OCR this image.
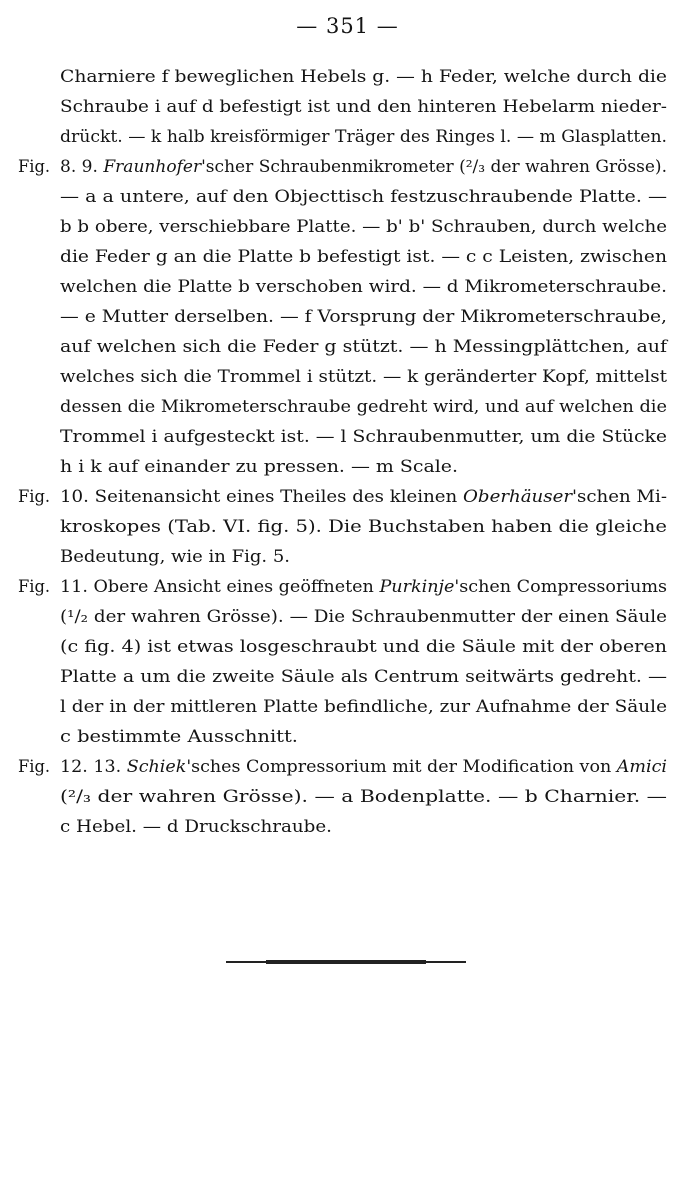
— 351 —

Charniere f beweglichen Hebels g. — h Feder, welche durch die

Schraube i auf d befestigt ist und den hinteren Hebelarm nieder-

drückt. — k halb kreisförmiger Träger des Ringes l. — m Glasplatten.

Fig. 8. 9. Fraunhofer'scher Schraubenmikrometer (²/₃ der wahren Grösse).

— a a untere, auf den Objecttisch festzuschraubende Platte. —

b b obere, verschiebbare Platte. — b' b' Schrauben, durch welche

die Feder g an die Platte b befestigt ist. — c c Leisten, zwischen

welchen die Platte b verschoben wird. — d Mikrometerschraube.

— e Mutter derselben. — f Vorsprung der Mikrometerschraube,

auf welchen sich die Feder g stützt. — h Messingplättchen, auf

welches sich die Trommel i stützt. — k geränderter Kopf, mittelst

dessen die Mikrometerschraube gedreht wird, und auf welchen die

Trommel i aufgesteckt ist. — l Schraubenmutter, um die Stücke

h i k auf einander zu pressen. — m Scale.

Fig. 10. Seitenansicht eines Theiles des kleinen Oberhäuser'schen Mi-

kroskopes (Tab. VI. fig. 5). Die Buchstaben haben die gleiche

Bedeutung, wie in Fig. 5.

Fig. 11. Obere Ansicht eines geöffneten Purkinje'schen Compressoriums

(¹/₂ der wahren Grösse). — Die Schraubenmutter der einen Säule

(c fig. 4) ist etwas losgeschraubt und die Säule mit der oberen

Platte a um die zweite Säule als Centrum seitwärts gedreht. —

l der in der mittleren Platte befindliche, zur Aufnahme der Säule

c bestimmte Ausschnitt.

Fig. 12. 13. Schiek'sches Compressorium mit der Modification von Amici

(²/₃ der wahren Grösse). — a Bodenplatte. — b Charnier. —

c Hebel. — d Druckschraube.
